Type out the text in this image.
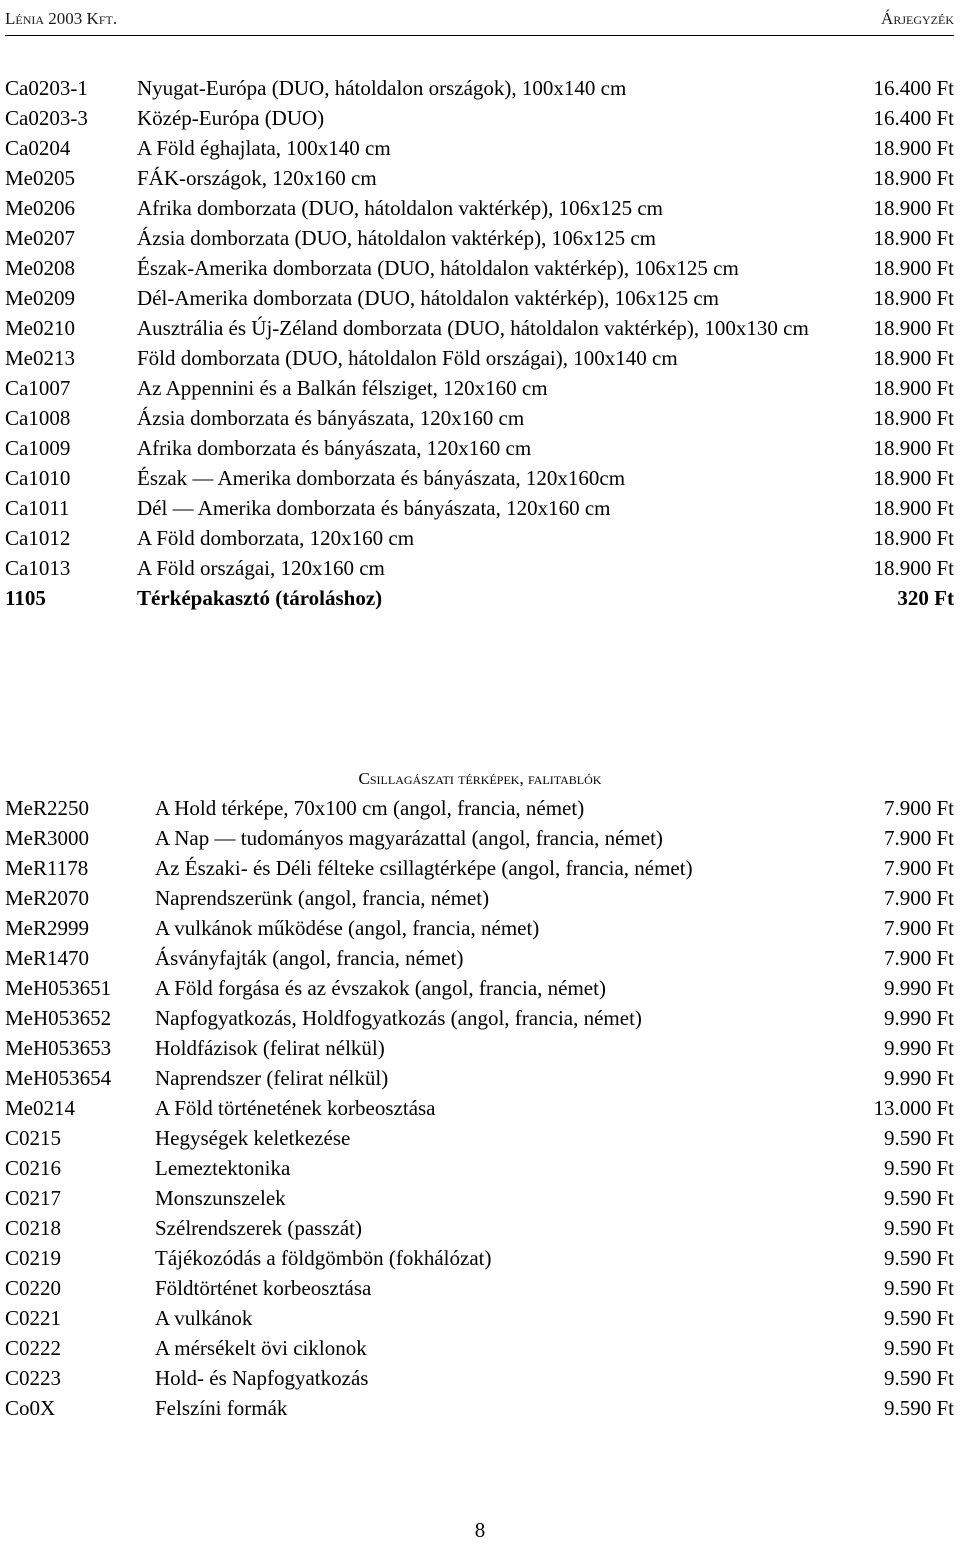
Lénia 2003 Kft.	Árjegyzék
Ca0203-1	Nyugat-Európa (DUO, hátoldalon országok), 100x140 cm	16.400 Ft
Ca0203-3	Közép-Európa (DUO)	16.400 Ft
Ca0204	A Föld éghajlata, 100x140 cm	18.900 Ft
Me0205	FÁK-országok, 120x160 cm	18.900 Ft
Me0206	Afrika domborzata (DUO, hátoldalon vaktérkép), 106x125 cm	18.900 Ft
Me0207	Ázsia domborzata (DUO, hátoldalon vaktérkép), 106x125 cm	18.900 Ft
Me0208	Észak-Amerika domborzata (DUO, hátoldalon vaktérkép), 106x125 cm	18.900 Ft
Me0209	Dél-Amerika domborzata (DUO, hátoldalon vaktérkép), 106x125 cm	18.900 Ft
Me0210	Ausztrália és Új-Zéland domborzata (DUO, hátoldalon vaktérkép), 100x130 cm	18.900 Ft
Me0213	Föld domborzata (DUO, hátoldalon Föld országai), 100x140 cm	18.900 Ft
Ca1007	Az Appennini és a Balkán félsziget, 120x160 cm	18.900 Ft
Ca1008	Ázsia domborzata és bányászata, 120x160 cm	18.900 Ft
Ca1009	Afrika domborzata és bányászata, 120x160 cm	18.900 Ft
Ca1010	Észak — Amerika domborzata és bányászata, 120x160cm	18.900 Ft
Ca1011	Dél — Amerika domborzata és bányászata, 120x160 cm	18.900 Ft
Ca1012	A Föld domborzata, 120x160 cm	18.900 Ft
Ca1013	A Föld országai, 120x160 cm	18.900 Ft
1105	Térképakasztó (tároláshoz)	320 Ft
Csillagászati térképek, falitablók
MeR2250	A Hold térképe, 70x100 cm (angol, francia, német)	7.900 Ft
MeR3000	A Nap — tudományos magyarázattal (angol, francia, német)	7.900 Ft
MeR1178	Az Északi- és Déli félteke csillagtérképe (angol, francia, német)	7.900 Ft
MeR2070	Naprendszerünk (angol, francia, német)	7.900 Ft
MeR2999	A vulkánok működése (angol, francia, német)	7.900 Ft
MeR1470	Ásványfajták (angol, francia, német)	7.900 Ft
MeH053651	A Föld forgása és az évszakok (angol, francia, német)	9.990 Ft
MeH053652	Napfogyatkozás, Holdfogyatkozás (angol, francia, német)	9.990 Ft
MeH053653	Holdfázisok (felirat nélkül)	9.990 Ft
MeH053654	Naprendszer (felirat nélkül)	9.990 Ft
Me0214	A Föld történetének korbeosztása	13.000 Ft
C0215	Hegységek keletkezése	9.590 Ft
C0216	Lemeztektonika	9.590 Ft
C0217	Monszunszelek	9.590 Ft
C0218	Szélrendszerek (passzát)	9.590 Ft
C0219	Tájékozódás a földgömbön (fokhálózat)	9.590 Ft
C0220	Földtörténet korbeosztása	9.590 Ft
C0221	A vulkánok	9.590 Ft
C0222	A mérsékelt övi ciklonok	9.590 Ft
C0223	Hold- és Napfogyatkozás	9.590 Ft
Co0X	Felszíni formák	9.590 Ft
8
